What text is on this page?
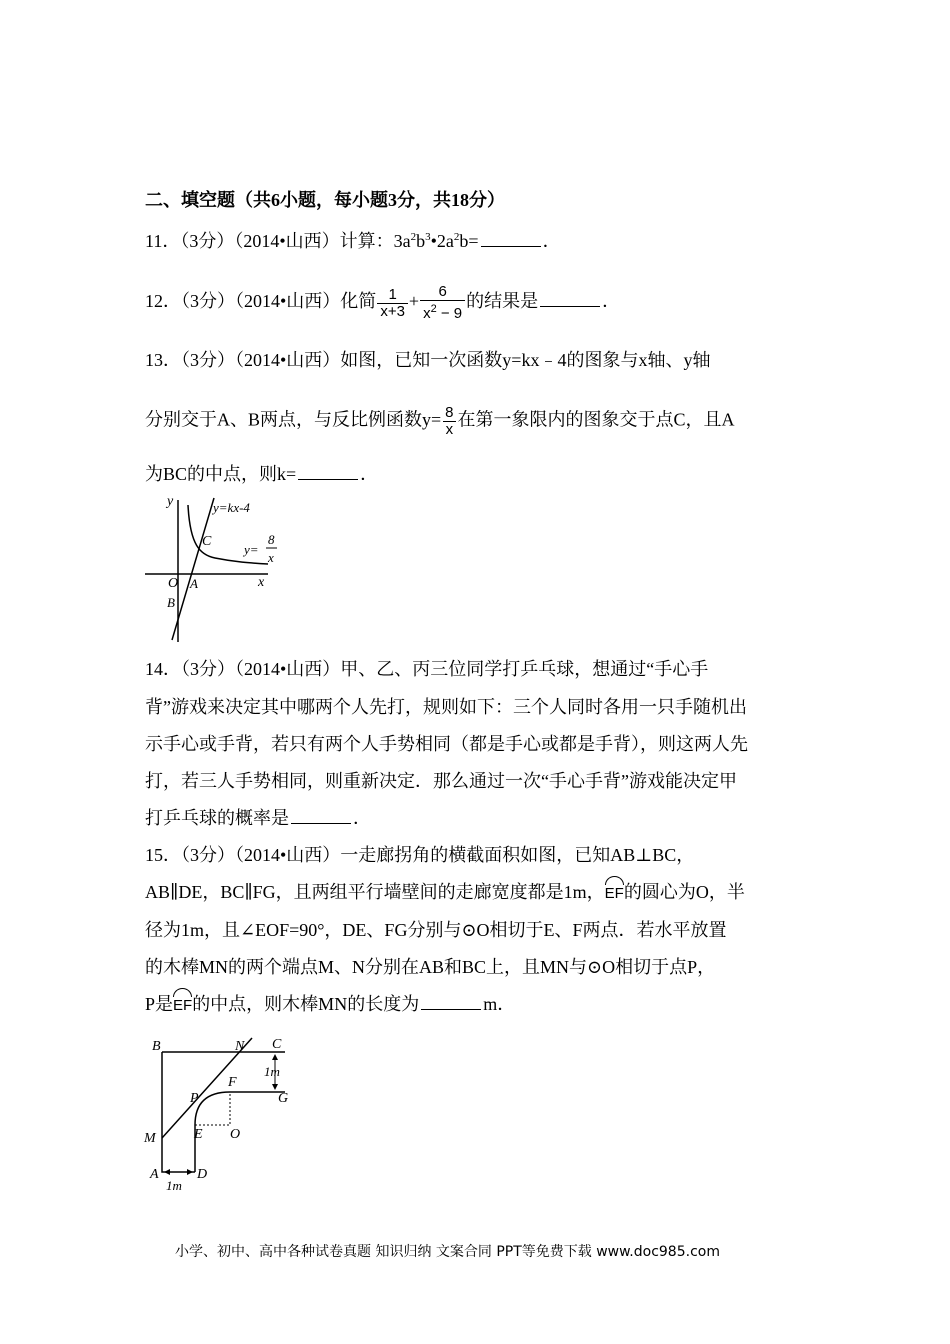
二、填空题（共6小题，每小题3分，共18分）
11．（3分）（2014•山西）计算：$3a^2b^3•2a^2b=$	．
12．（3分）（2014•山西）化简 $\frac{1}{x+3} + \frac{6}{x^2 - 9}$ 的结果是	．
13．（3分）（2014•山西）如图，已知一次函数y=kx﹣4的图象与x轴、y轴
分别交于A、B两点，与反比例函数$y= \frac{8}{x}$ 在第一象限内的图象交于点C，且A
为BC的中点，则k=	．
y
x
O A
B
C
y=kx-4
y=
8
x
14．（3分）（2014•山西）甲、乙、丙三位同学打乒乓球，想通过“手心手
背”游戏来决定其中哪两个人先打，规则如下：三个人同时各用一只手随机出
示手心或手背，若只有两个人手势相同（都是手心或都是手背），则这两人先
打，若三人手势相同，则重新决定．那么通过一次“手心手背”游戏能决定甲
打乒乓球的概率是	．
15．（3分）（2014•山西）一走廊拐角的横截面积如图，已知AB⊥BC，
AB∥DE，BC∥FG，且两组平行墙壁间的走廊宽度都是1m，EF的圆心为O，半
径为1m，且∠EOF=90°，DE、FG分别与⊙O相切于E、F两点．若水平放置
的木棒MN的两个端点M、N分别在AB和BC上，且MN与⊙O相切于点P，
P是EF的中点，则木棒MN的长度为	m．
B	N C
1m
F
G
P
M	E O
A	D
1m
小学、初中、高中各种试卷真题 知识归纳 文案合同 PPT等免费下载 www.doc985.com
